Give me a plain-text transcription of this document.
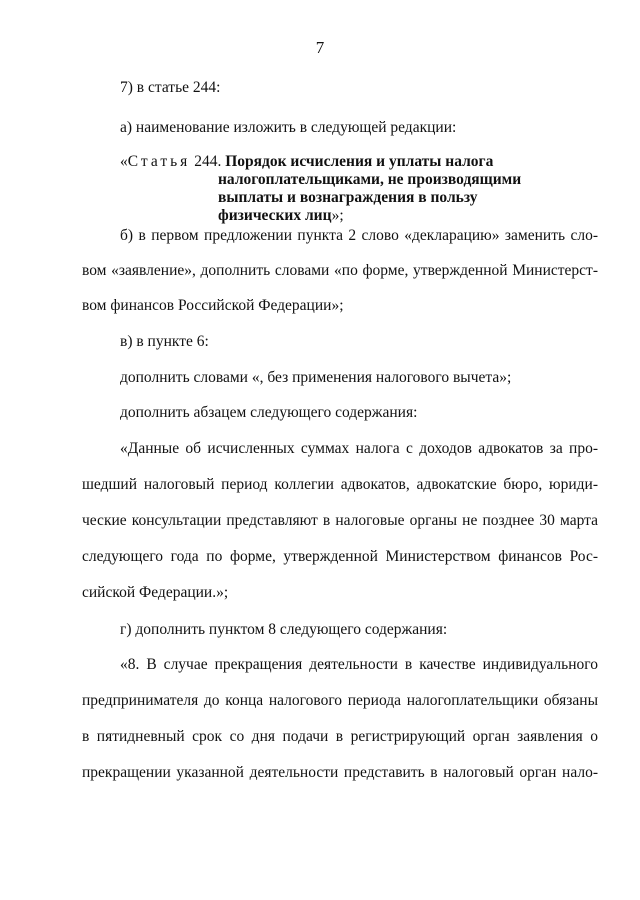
7
7) в статье 244:
а) наименование изложить в следующей редакции:
«Статья 244. Порядок исчисления и уплаты налога
налогоплательщиками, не производящими
выплаты и вознаграждения в пользу
физических лиц»;
б) в первом предложении пункта 2 слово «декларацию» заменить сло-
вом «заявление», дополнить словами «по форме, утвержденной Министерст-
вом финансов Российской Федерации»;
в) в пункте 6:
дополнить словами «, без применения налогового вычета»;
дополнить абзацем следующего содержания:
«Данные об исчисленных суммах налога с доходов адвокатов за про-
шедший налоговый период коллегии адвокатов, адвокатские бюро, юриди-
ческие консультации представляют в налоговые органы не позднее 30 марта
следующего года по форме, утвержденной Министерством финансов Рос-
сийской Федерации.»;
г) дополнить пунктом 8 следующего содержания:
«8. В случае прекращения деятельности в качестве индивидуального
предпринимателя до конца налогового периода налогоплательщики обязаны
в пятидневный срок со дня подачи в регистрирующий орган заявления о
прекращении указанной деятельности представить в налоговый орган нало-
